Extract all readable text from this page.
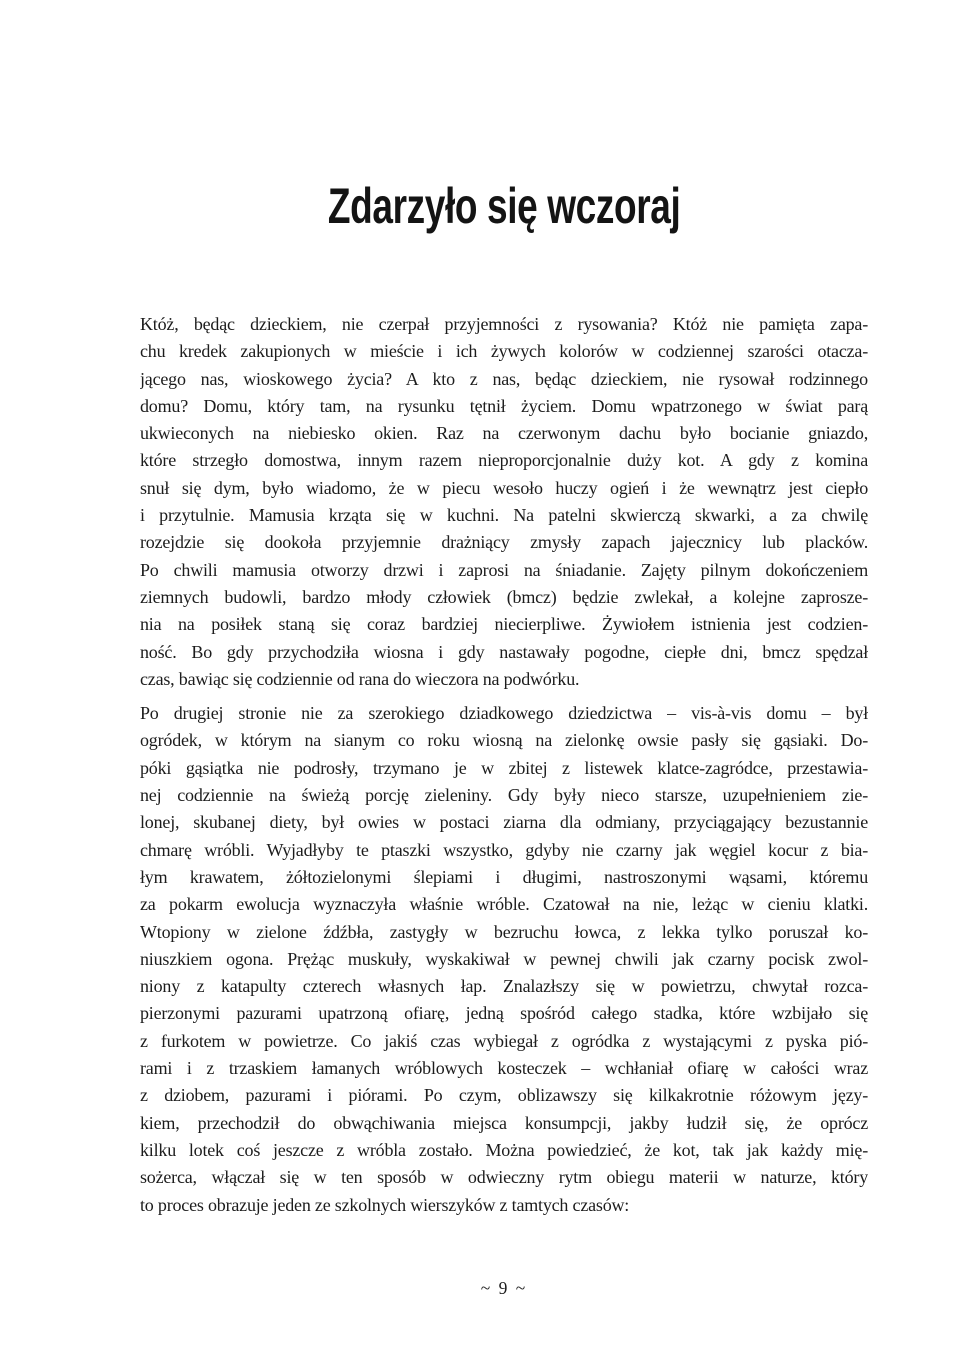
Zdarzyło się wczoraj

Któż, będąc dzieckiem, nie czerpał przyjemności z rysowania? Któż nie pamięta zapa-
chu kredek zakupionych w mieście i ich żywych kolorów w codziennej szarości otacza-
jącego nas, wioskowego życia? A kto z nas, będąc dzieckiem, nie rysował rodzinnego
domu? Domu, który tam, na rysunku tętnił życiem. Domu wpatrzonego w świat parą
ukwieconych na niebiesko okien. Raz na czerwonym dachu było bocianie gniazdo,
które strzegło domostwa, innym razem nieproporcjonalnie duży kot. A gdy z komina
snuł się dym, było wiadomo, że w piecu wesoło huczy ogień i że wewnątrz jest ciepło
i przytulnie. Mamusia krząta się w kuchni. Na patelni skwierczą skwarki, a za chwilę
rozejdzie się dookoła przyjemnie drażniący zmysły zapach jajecznicy lub placków.
Po chwili mamusia otworzy drzwi i zaprosi na śniadanie. Zajęty pilnym dokończeniem
ziemnych budowli, bardzo młody człowiek (bmcz) będzie zwlekał, a kolejne zaprosze-
nia na posiłek staną się coraz bardziej niecierpliwe. Żywiołem istnienia jest codzien-
ność. Bo gdy przychodziła wiosna i gdy nastawały pogodne, ciepłe dni, bmcz spędzał
czas, bawiąc się codziennie od rana do wieczora na podwórku.

Po drugiej stronie nie za szerokiego dziadkowego dziedzictwa – vis-à-vis domu – był
ogródek, w którym na sianym co roku wiosną na zielonkę owsie pasły się gąsiaki. Do-
póki gąsiątka nie podrosły, trzymano je w zbitej z listewek klatce-zagródce, przestawia-
nej codziennie na świeżą porcję zieleniny. Gdy były nieco starsze, uzupełnieniem zie-
lonej, skubanej diety, był owies w postaci ziarna dla odmiany, przyciągający bezustannie
chmarę wróbli. Wyjadłyby te ptaszki wszystko, gdyby nie czarny jak węgiel kocur z bia-
łym krawatem, żółtozielonymi ślepiami i długimi, nastroszonymi wąsami, któremu
za pokarm ewolucja wyznaczyła właśnie wróble. Czatował na nie, leżąc w cieniu klatki.
Wtopiony w zielone źdźbła, zastygły w bezruchu łowca, z lekka tylko poruszał ko-
niuszkiem ogona. Prężąc muskuły, wyskakiwał w pewnej chwili jak czarny pocisk zwol-
niony z katapulty czterech własnych łap. Znalazłszy się w powietrzu, chwytał rozca-
pierzonymi pazurami upatrzoną ofiarę, jedną spośród całego stadka, które wzbijało się
z furkotem w powietrze. Co jakiś czas wybiegał z ogródka z wystającymi z pyska pió-
rami i z trzaskiem łamanych wróblowych kosteczek – wchłaniał ofiarę w całości wraz
z dziobem, pazurami i piórami. Po czym, oblizawszy się kilkakrotnie różowym języ-
kiem, przechodził do obwąchiwania miejsca konsumpcji, jakby łudził się, że oprócz
kilku lotek coś jeszcze z wróbla zostało. Można powiedzieć, że kot, tak jak każdy mię-
sożerca, włączał się w ten sposób w odwieczny rytm obiegu materii w naturze, który
to proces obrazuje jeden ze szkolnych wierszyków z tamtych czasów:

~ 9 ~
